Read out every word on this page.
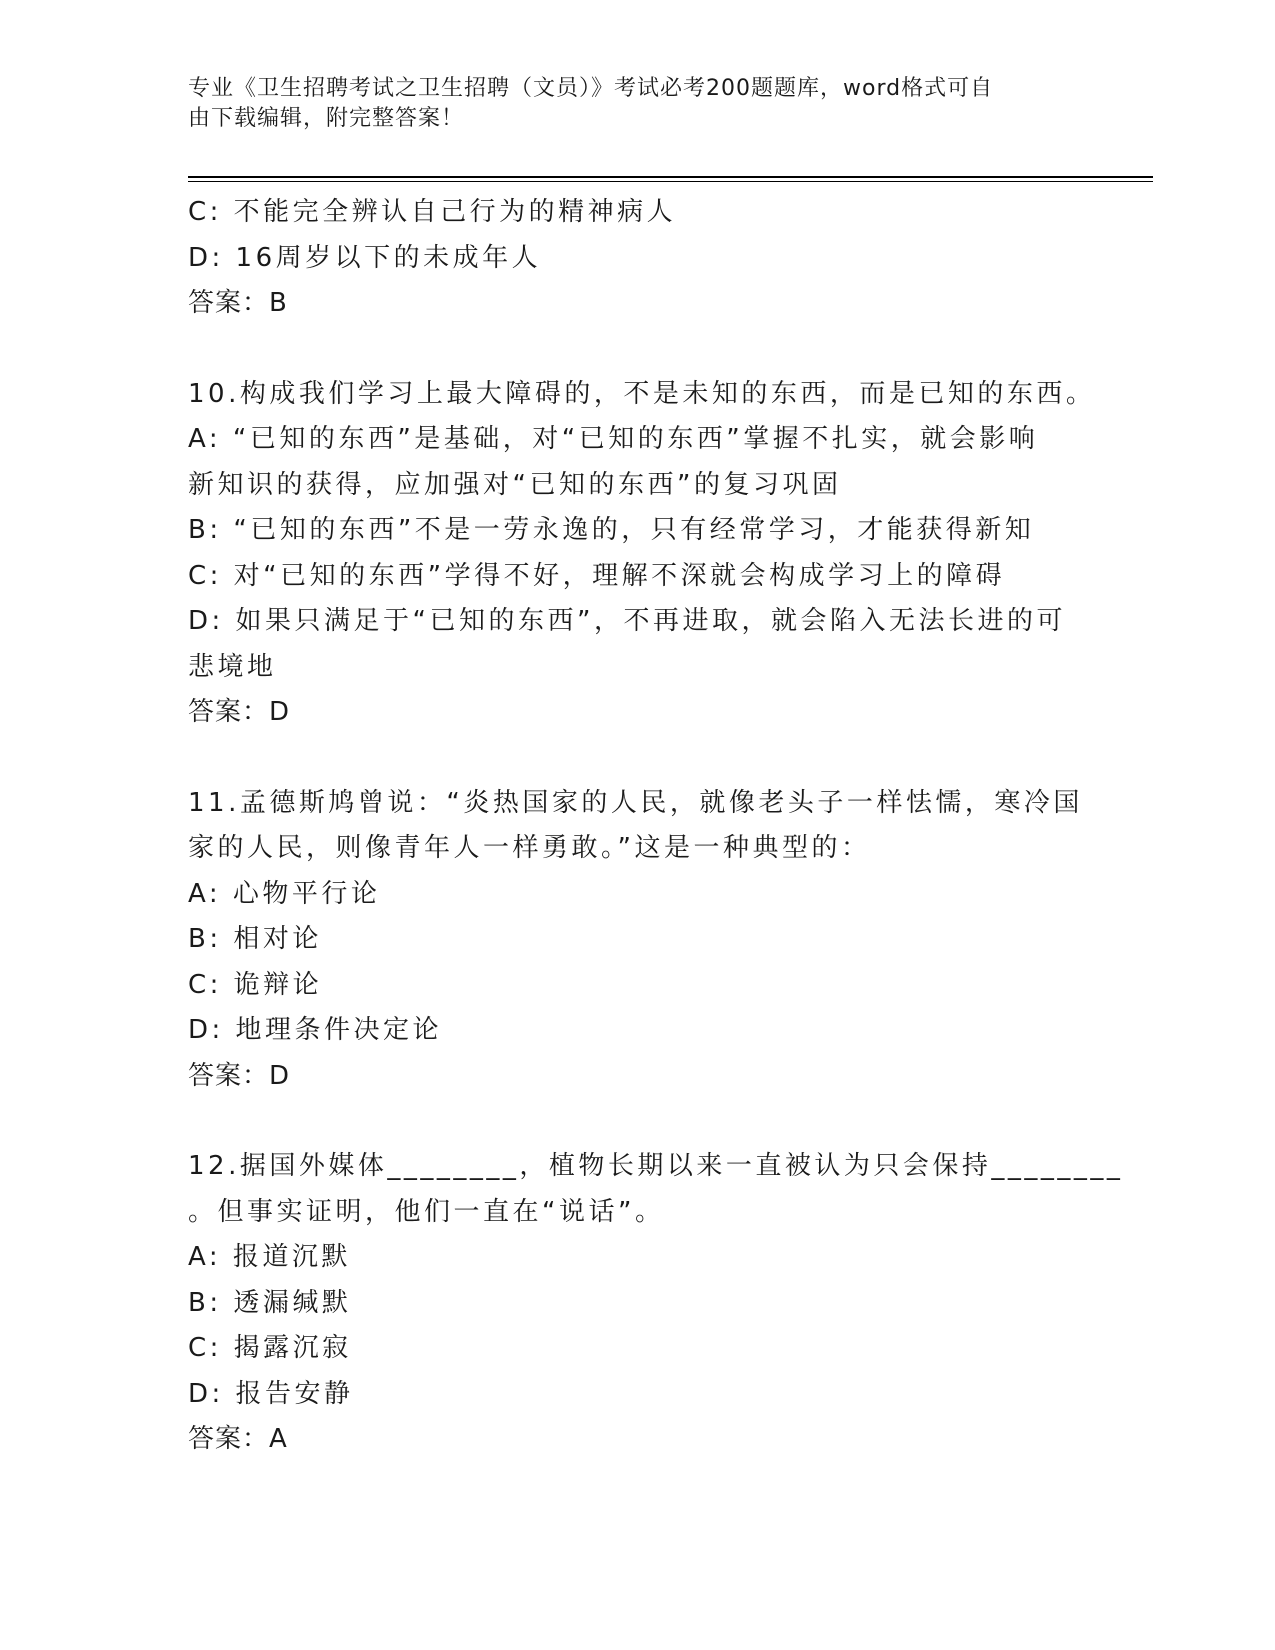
专业《卫生招聘考试之卫生招聘（文员）》考试必考200题题库，word格式可自
由下载编辑，附完整答案！
C: 不能完全辨认自己行为的精神病人
D: 16周岁以下的未成年人
答案：B
10.构成我们学习上最大障碍的，不是未知的东西，而是已知的东西。
A: “已知的东西”是基础，对“已知的东西”掌握不扎实，就会影响
新知识的获得，应加强对“已知的东西”的复习巩固
B: “已知的东西”不是一劳永逸的，只有经常学习，才能获得新知
C: 对“已知的东西”学得不好，理解不深就会构成学习上的障碍
D: 如果只满足于“已知的东西”，不再进取，就会陷入无法长进的可
悲境地
答案：D
11.孟德斯鸠曾说：“炎热国家的人民，就像老头子一样怯懦，寒冷国
家的人民，则像青年人一样勇敢。”这是一种典型的：
A: 心物平行论
B: 相对论
C: 诡辩论
D: 地理条件决定论
答案：D
12.据国外媒体________，植物长期以来一直被认为只会保持________
。但事实证明，他们一直在“说话”。
A: 报道沉默
B: 透漏缄默
C: 揭露沉寂
D: 报告安静
答案：A
